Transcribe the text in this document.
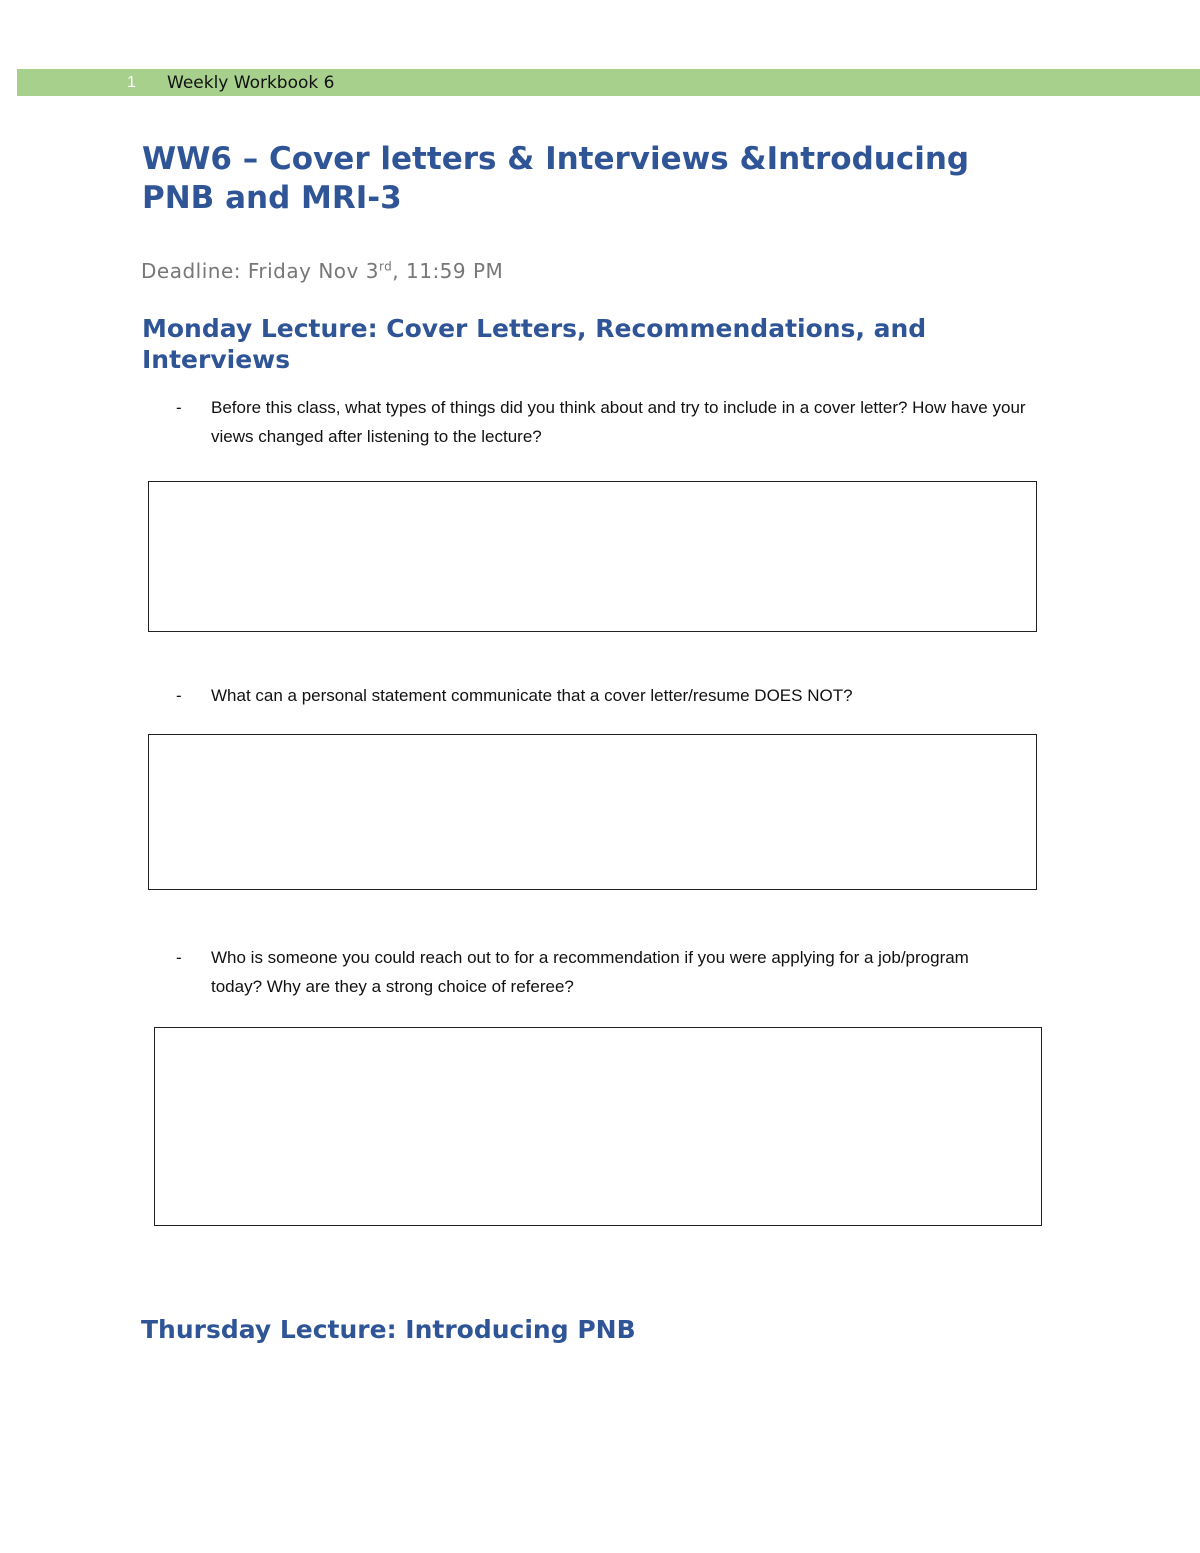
1 Weekly Workbook 6
WW6 – Cover letters & Interviews &Introducing PNB and MRI-3
Deadline: Friday Nov 3rd, 11:59 PM
Monday Lecture: Cover Letters, Recommendations, and Interviews
- Before this class, what types of things did you think about and try to include in a cover letter? How have your views changed after listening to the lecture?
- What can a personal statement communicate that a cover letter/resume DOES NOT?
- Who is someone you could reach out to for a recommendation if you were applying for a job/program today? Why are they a strong choice of referee?
Thursday Lecture: Introducing PNB
